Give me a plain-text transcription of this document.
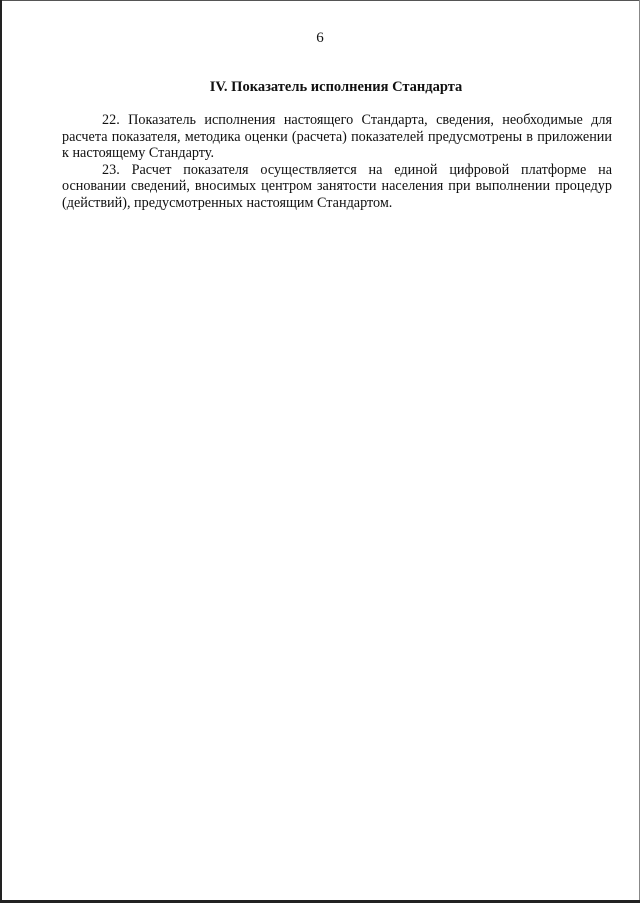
6
IV. Показатель исполнения Стандарта

22. Показатель исполнения настоящего Стандарта, сведения, необходимые для расчета показателя, методика оценки (расчета) показателей предусмотрены в приложении к настоящему Стандарту.

23. Расчет показателя осуществляется на единой цифровой платформе на основании сведений, вносимых центром занятости населения при выполнении процедур (действий), предусмотренных настоящим Стандартом.
